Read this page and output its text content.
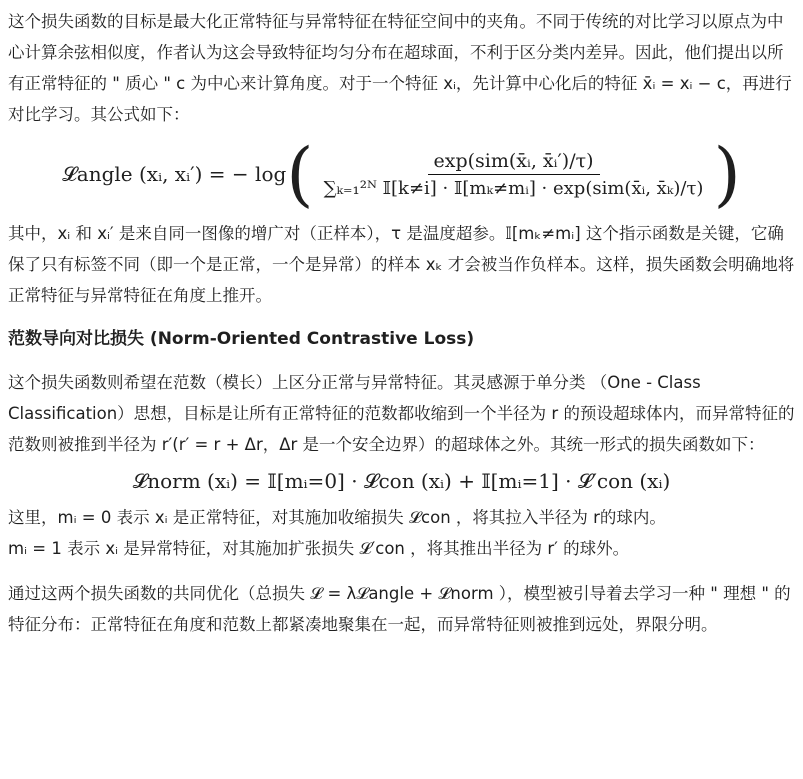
这个损失函数的目标是最大化正常特征与异常特征在特征空间中的夹角。不同于传统的对比学习以原点为中心计算余弦相似度，作者认为这会导致特征均匀分布在超球面，不利于区分类内差异。因此，他们提出以所有正常特征的 " 质心 " c 为中心来计算角度。对于一个特征 xᵢ，先计算中心化后的特征 x̄ᵢ = xᵢ − c，再进行对比学习。其公式如下：

𝓛angle (xᵢ, xᵢ′) = − log ( $\frac{\text{exp(sim(x̄ᵢ, x̄ᵢ′)/τ)}}{\text{∑ₖ₌₁²ᴺ 𝕀[k≠i] · 𝕀[mₖ≠mᵢ] · exp(sim(x̄ᵢ, x̄ₖ)/τ)}}$ )

其中，xᵢ 和 xᵢ′ 是来自同一图像的增广对（正样本），τ 是温度超参。𝕀[mₖ≠mᵢ] 这个指示函数是关键，它确保了只有标签不同（即一个是正常，一个是异常）的样本 xₖ 才会被当作负样本。这样，损失函数会明确地将正常特征与异常特征在角度上推开。

范数导向对比损失 (Norm-Oriented Contrastive Loss)

这个损失函数则希望在范数（模长）上区分正常与异常特征。其灵感源于单分类 （One - Class Classification）思想，目标是让所有正常特征的范数都收缩到一个半径为 r 的预设超球体内，而异常特征的范数则被推到半径为 r′(r′ = r + Δr，Δr 是一个安全边界）的超球体之外。其统一形式的损失函数如下：

𝓛norm (xᵢ) = 𝕀[mᵢ=0] · 𝓛con (xᵢ) + 𝕀[mᵢ=1] · 𝓛′con (xᵢ)

这里，mᵢ = 0 表示 xᵢ 是正常特征，对其施加收缩损失 𝓛con ，将其拉入半径为 r的球内。

mᵢ = 1 表示 xᵢ 是异常特征，对其施加扩张损失 𝓛′con ，将其推出半径为 r′ 的球外。

通过这两个损失函数的共同优化（总损失 𝓛 = λ𝓛angle + 𝓛norm ），模型被引导着去学习一种 " 理想 " 的特征分布：正常特征在角度和范数上都紧凑地聚集在一起，而异常特征则被推到远处，界限分明。
